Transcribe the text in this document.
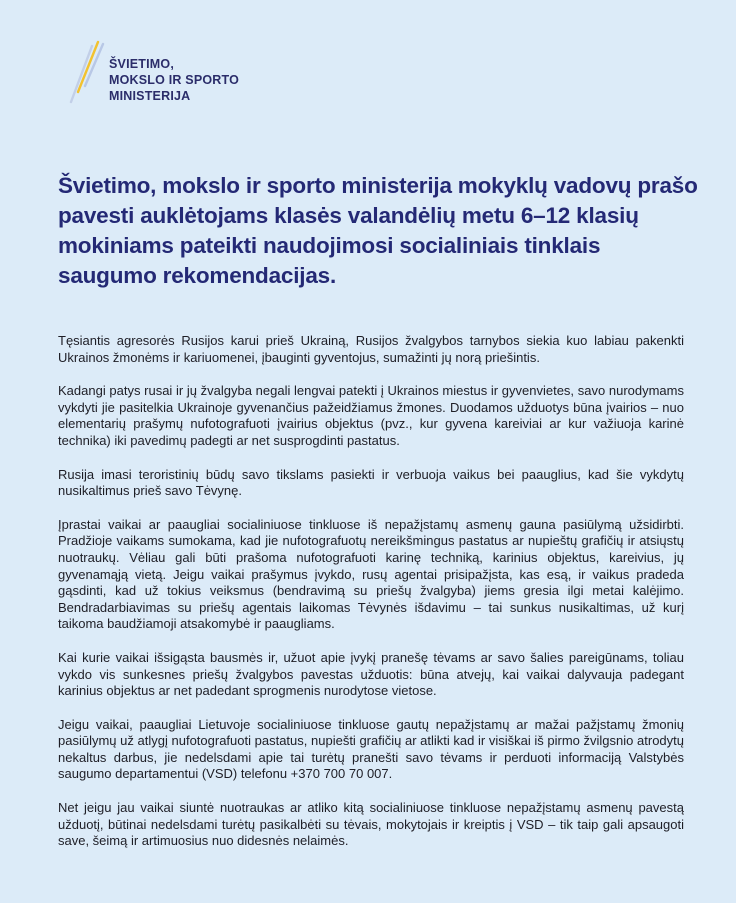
ŠVIETIMO,
MOKSLO IR SPORTO
MINISTERIJA
Švietimo, mokslo ir sporto ministerija mokyklų vadovų prašo pavesti auklėtojams klasės valandėlių metu 6–12 klasių mokiniams pateikti naudojimosi socialiniais tinklais saugumo rekomendacijas.

Tęsiantis agresorės Rusijos karui prieš Ukrainą, Rusijos žvalgybos tarnybos siekia kuo labiau pakenkti Ukrainos žmonėms ir kariuomenei, įbauginti gyventojus, sumažinti jų norą priešintis.

Kadangi patys rusai ir jų žvalgyba negali lengvai patekti į Ukrainos miestus ir gyvenvietes, savo nurodymams vykdyti jie pasitelkia Ukrainoje gyvenančius pažeidžiamus žmones. Duodamos užduotys būna įvairios – nuo elementarių prašymų nufotografuoti įvairius objektus (pvz., kur gyvena kareiviai ar kur važiuoja karinė technika) iki pavedimų padegti ar net susprogdinti pastatus.

Rusija imasi teroristinių būdų savo tikslams pasiekti ir verbuoja vaikus bei paauglius, kad šie vykdytų nusikaltimus prieš savo Tėvynę.

Įprastai vaikai ar paaugliai socialiniuose tinkluose iš nepažįstamų asmenų gauna pasiūlymą užsidirbti. Pradžioje vaikams sumokama, kad jie nufotografuotų nereikšmingus pastatus ar nupieštų grafičių ir atsiųstų nuotraukų. Vėliau gali būti prašoma nufotografuoti karinę techniką, karinius objektus, kareivius, jų gyvenamąją vietą. Jeigu vaikai prašymus įvykdo, rusų agentai prisipažįsta, kas esą, ir vaikus pradeda gąsdinti, kad už tokius veiksmus (bendravimą su priešų žvalgyba) jiems gresia ilgi metai kalėjimo. Bendradarbiavimas su priešų agentais laikomas Tėvynės išdavimu – tai sunkus nusikaltimas, už kurį taikoma baudžiamoji atsakomybė ir paaugliams.

Kai kurie vaikai išsigąsta bausmės ir, užuot apie įvykį pranešę tėvams ar savo šalies pareigūnams, toliau vykdo vis sunkesnes priešų žvalgybos pavestas užduotis: būna atvejų, kai vaikai dalyvauja padegant karinius objektus ar net padedant sprogmenis nurodytose vietose.

Jeigu vaikai, paaugliai Lietuvoje socialiniuose tinkluose gautų nepažįstamų ar mažai pažįstamų žmonių pasiūlymų už atlygį nufotografuoti pastatus, nupiešti grafičių ar atlikti kad ir visiškai iš pirmo žvilgsnio atrodytų nekaltus darbus, jie nedelsdami apie tai turėtų pranešti savo tėvams ir perduoti informaciją Valstybės saugumo departamentui (VSD) telefonu +370 700 70 007.

Net jeigu jau vaikai siuntė nuotraukas ar atliko kitą socialiniuose tinkluose nepažįstamų asmenų pavestą užduotį, būtinai nedelsdami turėtų pasikalbėti su tėvais, mokytojais ir kreiptis į VSD – tik taip gali apsaugoti save, šeimą ir artimuosius nuo didesnės nelaimės.
